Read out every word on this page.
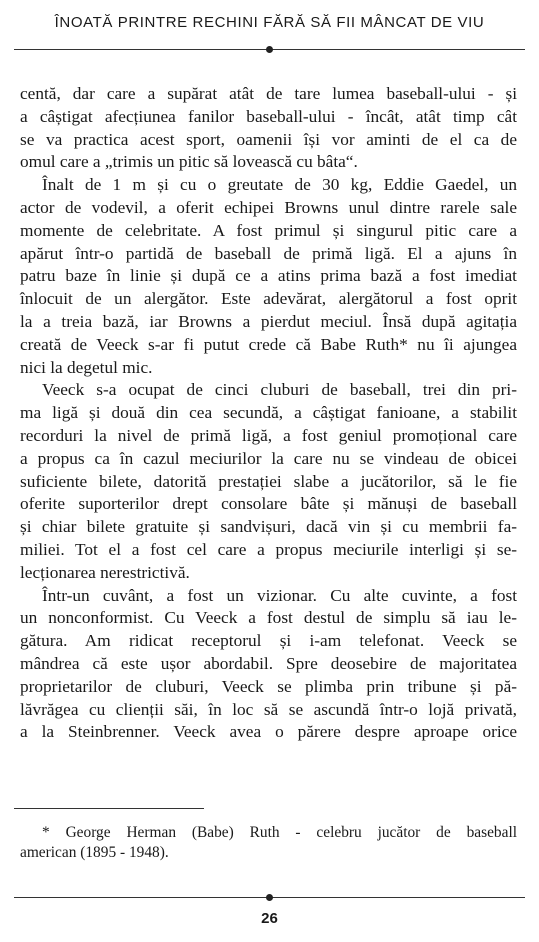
ÎNOATĂ PRINTRE RECHINI FĂRĂ SĂ FII MÂNCAT DE VIU

centă, dar care a supărat atât de tare lumea baseball-ului - și

a câștigat afecțiunea fanilor baseball-ului - încât, atât timp cât

se va practica acest sport, oamenii își vor aminti de el ca de

omul care a „trimis un pitic să lovească cu bâta“.

Înalt de 1 m și cu o greutate de 30 kg, Eddie Gaedel, un

actor de vodevil, a oferit echipei Browns unul dintre rarele sale

momente de celebritate. A fost primul și singurul pitic care a

apărut într-o partidă de baseball de primă ligă. El a ajuns în

patru baze în linie și după ce a atins prima bază a fost imediat

înlocuit de un alergător. Este adevărat, alergătorul a fost oprit

la a treia bază, iar Browns a pierdut meciul. Însă după agitația

creată de Veeck s-ar fi putut crede că Babe Ruth* nu îi ajungea

nici la degetul mic.

Veeck s-a ocupat de cinci cluburi de baseball, trei din pri-

ma ligă și două din cea secundă, a câștigat fanioane, a stabilit

recorduri la nivel de primă ligă, a fost geniul promoțional care

a propus ca în cazul meciurilor la care nu se vindeau de obicei

suficiente bilete, datorită prestației slabe a jucătorilor, să le fie

oferite suporterilor drept consolare bâte și mănuși de baseball

și chiar bilete gratuite și sandvișuri, dacă vin și cu membrii fa-

miliei. Tot el a fost cel care a propus meciurile interligi și se-

lecționarea nerestrictivă.

Într-un cuvânt, a fost un vizionar. Cu alte cuvinte, a fost

un nonconformist. Cu Veeck a fost destul de simplu să iau le-

gătura. Am ridicat receptorul și i-am telefonat. Veeck se

mândrea că este ușor abordabil. Spre deosebire de majoritatea

proprietarilor de cluburi, Veeck se plimba prin tribune și pă-

lăvrăgea cu clienții săi, în loc să se ascundă într-o lojă privată,

a la Steinbrenner. Veeck avea o părere despre aproape orice

* George Herman (Babe) Ruth - celebru jucător de baseball

american (1895 - 1948).

26
